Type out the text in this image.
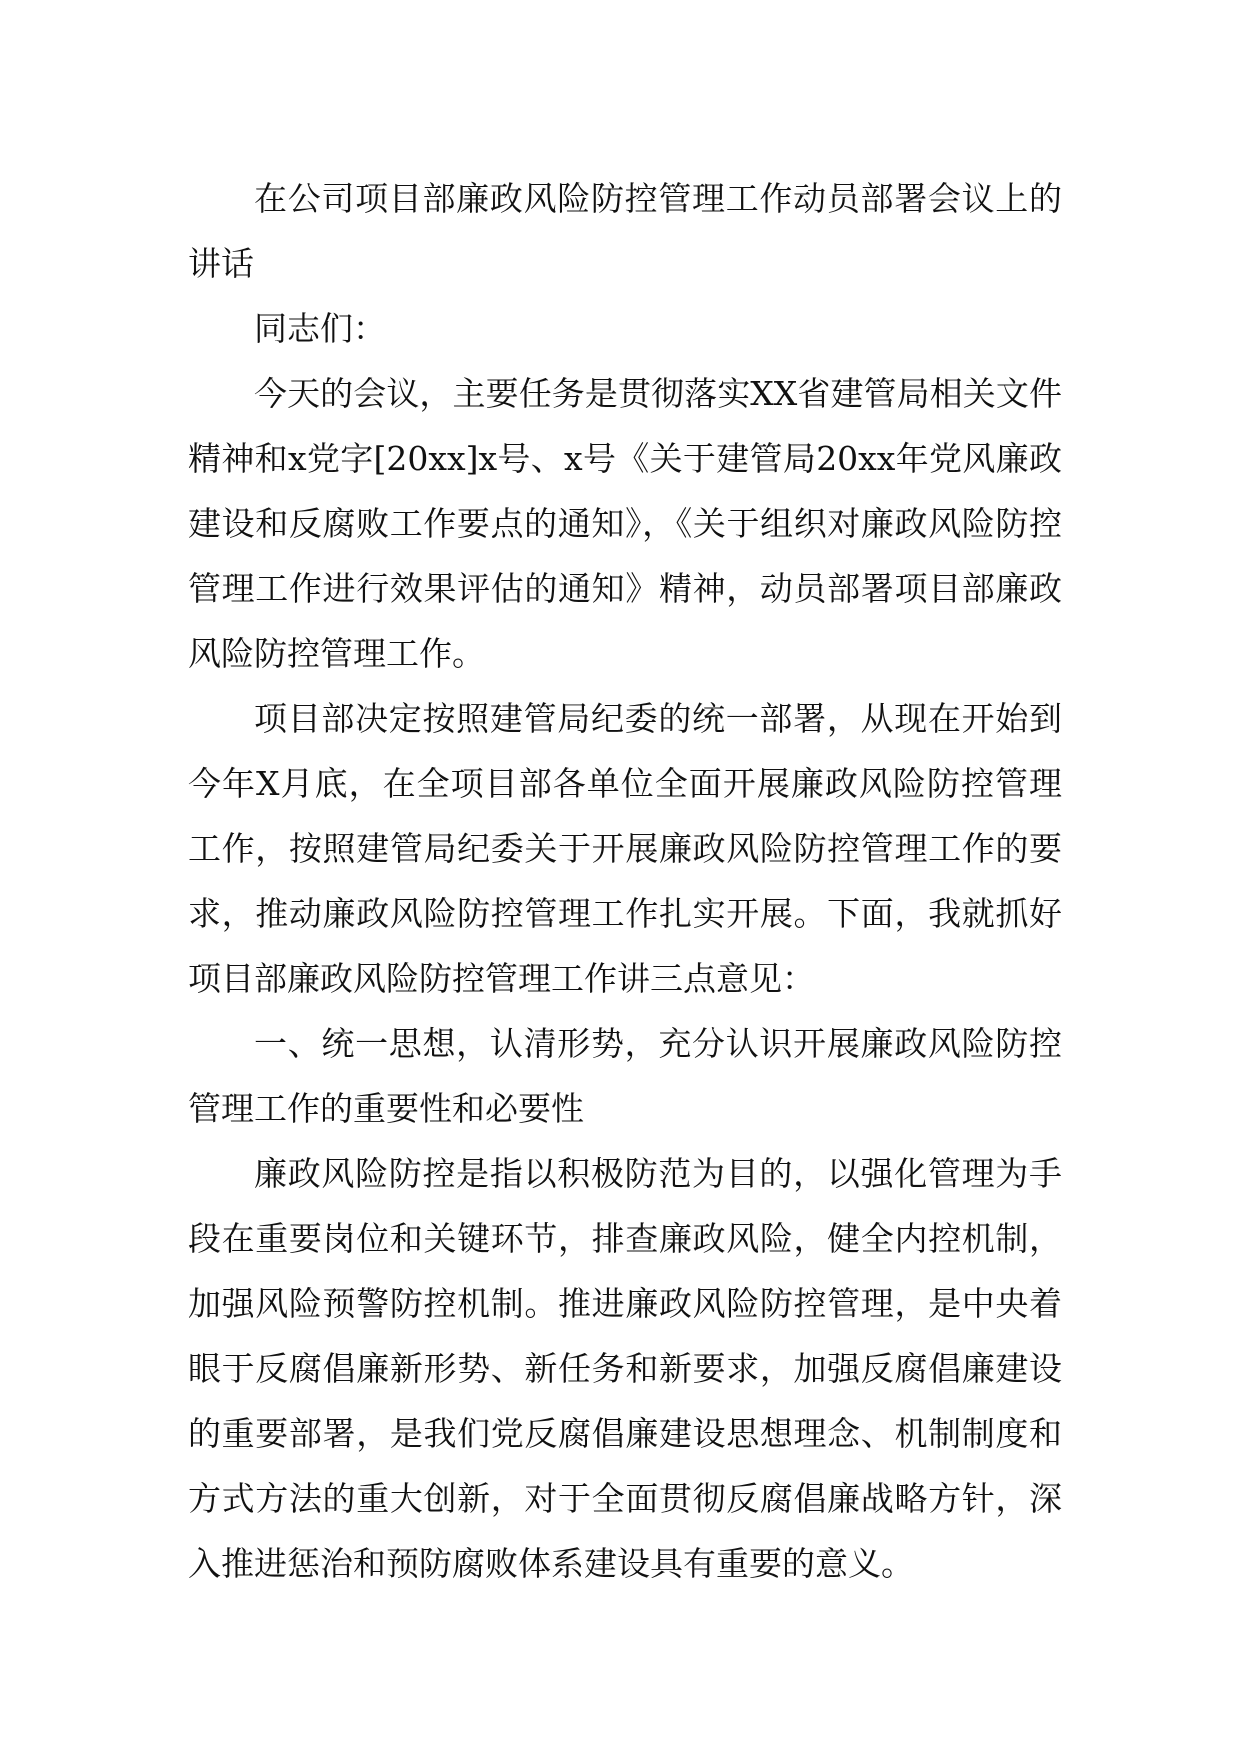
在公司项目部廉政风险防控管理工作动员部署会议上的讲话

同志们：

今天的会议，主要任务是贯彻落实XX省建管局相关文件精神和x党字[20xx]x号、x号《关于建管局20xx年党风廉政建设和反腐败工作要点的通知》，《关于组织对廉政风险防控管理工作进行效果评估的通知》精神，动员部署项目部廉政风险防控管理工作。

项目部决定按照建管局纪委的统一部署，从现在开始到今年X月底，在全项目部各单位全面开展廉政风险防控管理工作，按照建管局纪委关于开展廉政风险防控管理工作的要求，推动廉政风险防控管理工作扎实开展。下面，我就抓好项目部廉政风险防控管理工作讲三点意见：

一、统一思想，认清形势，充分认识开展廉政风险防控管理工作的重要性和必要性

廉政风险防控是指以积极防范为目的，以强化管理为手段在重要岗位和关键环节，排查廉政风险，健全内控机制，加强风险预警防控机制。推进廉政风险防控管理，是中央着眼于反腐倡廉新形势、新任务和新要求，加强反腐倡廉建设的重要部署，是我们党反腐倡廉建设思想理念、机制制度和方式方法的重大创新，对于全面贯彻反腐倡廉战略方针，深入推进惩治和预防腐败体系建设具有重要的意义。
